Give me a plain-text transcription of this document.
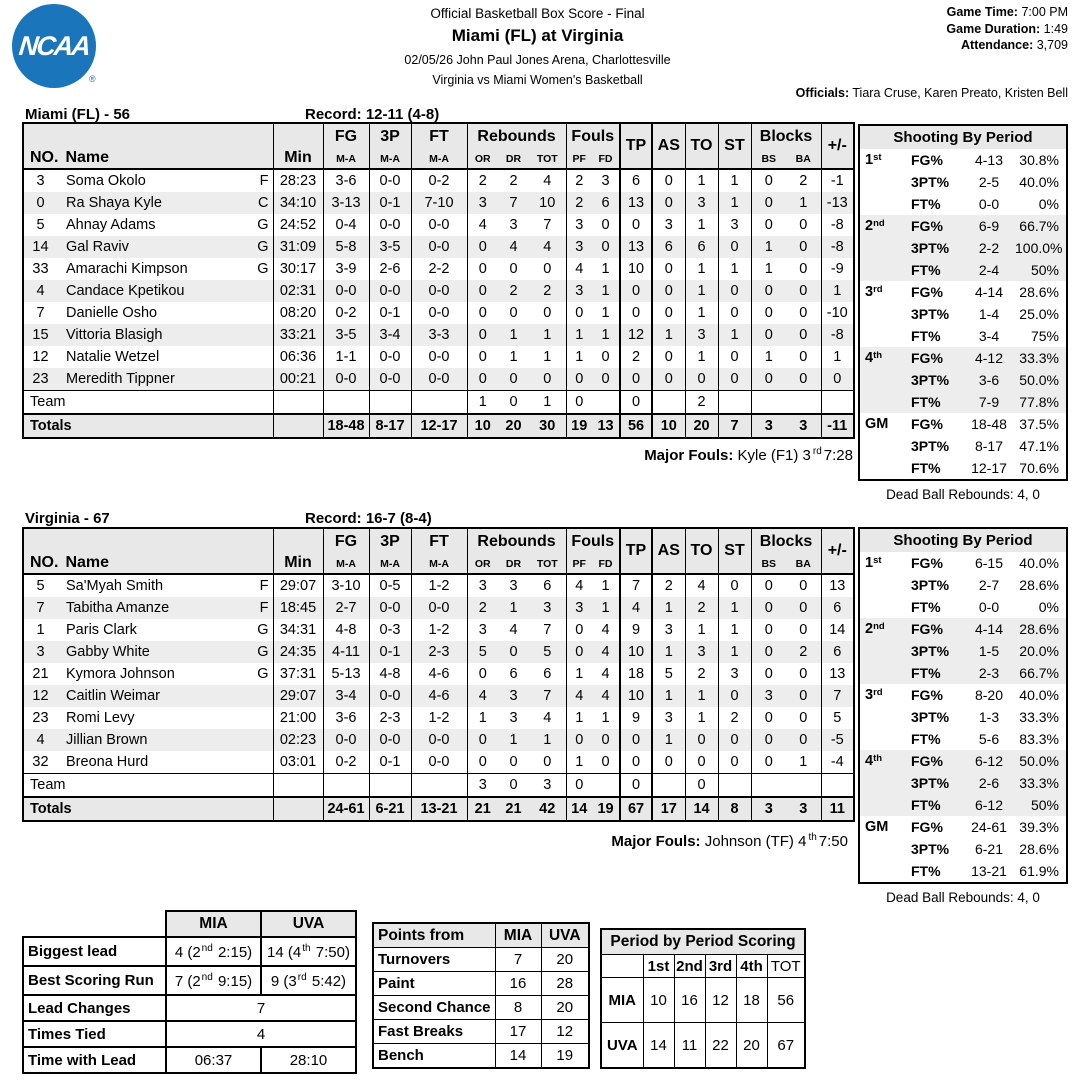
NCAA
®
Official Basketball Box Score - Final
Miami (FL) at Virginia
02/05/26 John Paul Jones Arena, Charlottesville
Virginia vs Miami Women's Basketball
Game Time: 7:00 PM
Game Duration: 1:49
Attendance: 3,709
Officials: Tiara Cruse, Karen Preato, Kristen Bell
Miami (FL) - 56	Record: 12-11 (4-8)
NO. Name		Min	FG	3P	FT	Rebounds			Fouls		TP	AS	TO	ST	Blocks		+/-
			M-A	M-A	M-A	OR	DR	TOT	PF	FD					BS	BA	
3	Soma Okolo F	28:23	3-6	0-0	0-2	2	2	4	2	3	6	0	1	1	0	2	-1
0	Ra Shaya Kyle C	34:10	3-13	0-1	7-10	3	7	10	2	6	13	0	3	1	0	1	-13
5	Ahnay Adams G	24:52	0-4	0-0	0-0	4	3	7	3	0	0	3	1	3	0	0	-8
14	Gal Raviv G	31:09	5-8	3-5	0-0	0	4	4	3	0	13	6	6	0	1	0	-8
33	Amarachi Kimpson G	30:17	3-9	2-6	2-2	0	0	0	4	1	10	0	1	1	1	0	-9
4	Candace Kpetikou	02:31	0-0	0-0	0-0	0	2	2	3	1	0	0	1	0	0	0	1
7	Danielle Osho	08:20	0-2	0-1	0-0	0	0	0	0	1	0	0	1	0	0	0	-10
15	Vittoria Blasigh	33:21	3-5	3-4	3-3	0	1	1	1	1	12	1	3	1	0	0	-8
12	Natalie Wetzel	06:36	1-1	0-0	0-0	0	1	1	1	0	2	0	1	0	1	0	1
23	Meredith Tippner	00:21	0-0	0-0	0-0	0	0	0	0	0	0	0	0	0	0	0	0
Team						1	0	1	0		0		2				
Totals			18-48	8-17	12-17	10	20	30	19	13	56	10	20	7	3	3	-11
Major Fouls: Kyle (F1) 3 $^{rd}$ 7:28
Shooting By Period			
1st	FG%	4-13	30.8%
	3PT%	2-5	40.0%
	FT%	0-0	0%
2nd	FG%	6-9	66.7%
	3PT%	2-2	100.0%
	FT%	2-4	50%
3rd	FG%	4-14	28.6%
	3PT%	1-4	25.0%
	FT%	3-4	75%
4th	FG%	4-12	33.3%
	3PT%	3-6	50.0%
	FT%	7-9	77.8%
GM	FG%	18-48	37.5%
	3PT%	8-17	47.1%
	FT%	12-17	70.6%
Dead Ball Rebounds: 4, 0
Virginia - 67	Record: 16-7 (8-4)
NO. Name		Min	FG	3P	FT	Rebounds			Fouls		TP	AS	TO	ST	Blocks		+/-
			M-A	M-A	M-A	OR	DR	TOT	PF	FD					BS	BA	
5	Sa'Myah Smith F	29:07	3-10	0-5	1-2	3	3	6	4	1	7	2	4	0	0	0	13
7	Tabitha Amanze F	18:45	2-7	0-0	0-0	2	1	3	3	1	4	1	2	1	0	0	6
1	Paris Clark G	34:31	4-8	0-3	1-2	3	4	7	0	4	9	3	1	1	0	0	14
3	Gabby White G	24:35	4-11	0-1	2-3	5	0	5	0	4	10	1	3	1	0	2	6
21	Kymora Johnson G	37:31	5-13	4-8	4-6	0	6	6	1	4	18	5	2	3	0	0	13
12	Caitlin Weimar	29:07	3-4	0-0	4-6	4	3	7	4	4	10	1	1	0	3	0	7
23	Romi Levy	21:00	3-6	2-3	1-2	1	3	4	1	1	9	3	1	2	0	0	5
4	Jillian Brown	02:23	0-0	0-0	0-0	0	1	1	0	0	0	1	0	0	0	0	-5
32	Breona Hurd	03:01	0-2	0-1	0-0	0	0	0	1	0	0	0	0	0	0	1	-4
Team						3	0	3	0		0		0				
Totals			24-61	6-21	13-21	21	21	42	14	19	67	17	14	8	3	3	11
Major Fouls: Johnson (TF) 4 $^{th}$ 7:50
Shooting By Period			
1st	FG%	6-15	40.0%
	3PT%	2-7	28.6%
	FT%	0-0	0%
2nd	FG%	4-14	28.6%
	3PT%	1-5	20.0%
	FT%	2-3	66.7%
3rd	FG%	8-20	40.0%
	3PT%	1-3	33.3%
	FT%	5-6	83.3%
4th	FG%	6-12	50.0%
	3PT%	2-6	33.3%
	FT%	6-12	50%
GM	FG%	24-61	39.3%
	3PT%	6-21	28.6%
	FT%	13-21	61.9%
Dead Ball Rebounds: 4, 0
	MIA	UVA
Biggest lead	4 (2nd 2:15)	14 (4th 7:50)
Best Scoring Run	7 (2nd 9:15)	9 (3rd 5:42)
Lead Changes	7	
Times Tied	4	
Time with Lead	06:37	28:10
Points from	MIA	UVA
Turnovers	7	20
Paint	16	28
Second Chance	8	20
Fast Breaks	17	12
Bench	14	19
Period by Period Scoring					
	1st	2nd	3rd	4th	TOT
MIA	10	16	12	18	56
UVA	14	11	22	20	67
